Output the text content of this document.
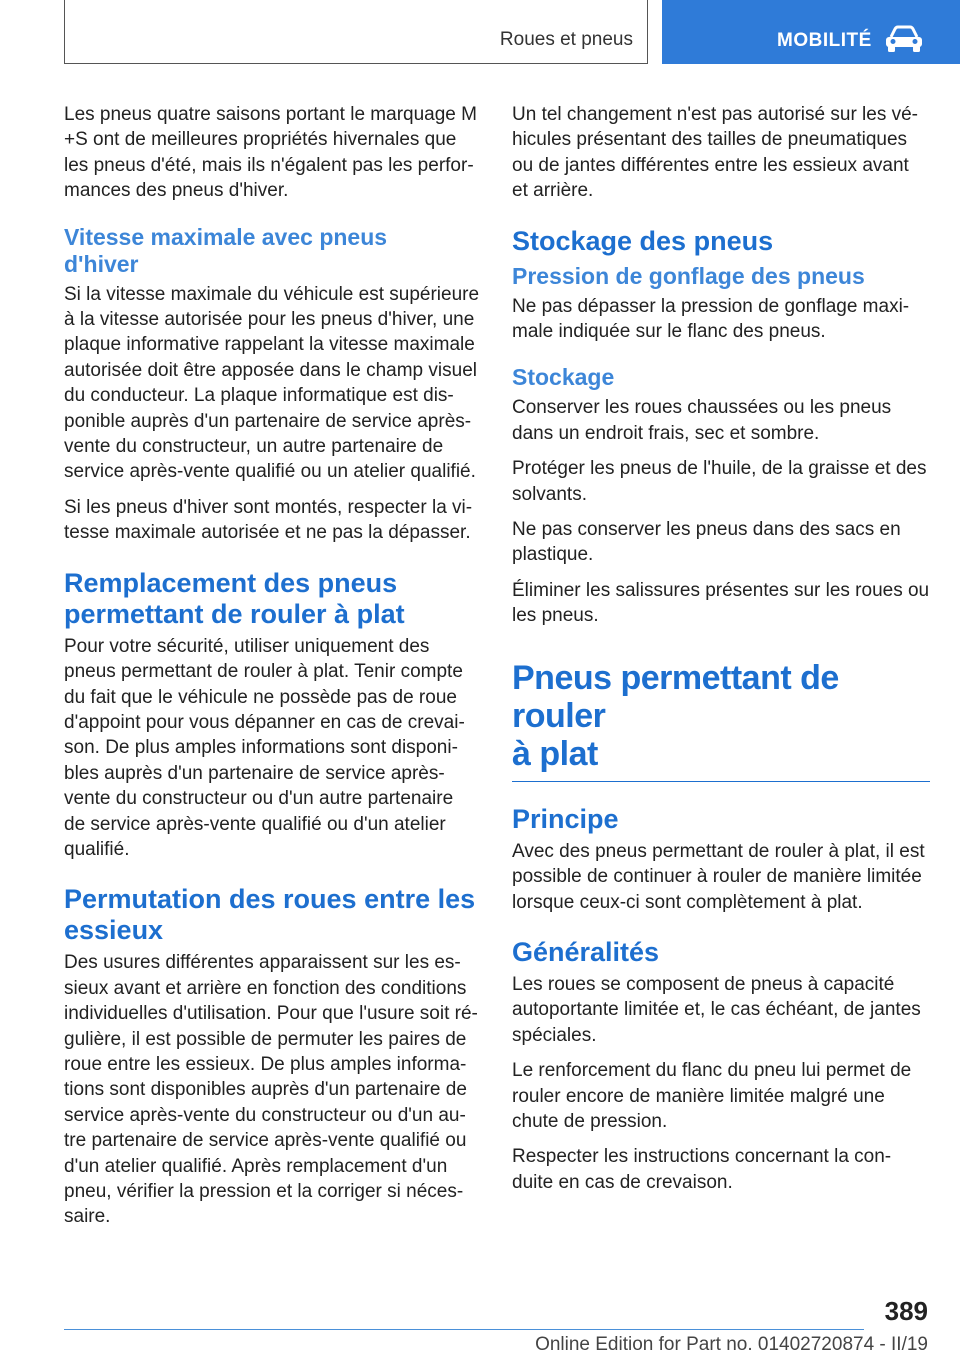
Roues et pneus	MOBILITÉ

Les pneus quatre saisons portant le marquage M
+S ont de meilleures propriétés hivernales que
les pneus d'été, mais ils n'égalent pas les perfor-
mances des pneus d'hiver.

Vitesse maximale avec pneus
d'hiver

Si la vitesse maximale du véhicule est supérieure
à la vitesse autorisée pour les pneus d'hiver, une
plaque informative rappelant la vitesse maximale
autorisée doit être apposée dans le champ visuel
du conducteur. La plaque informatique est dis-
ponible auprès d'un partenaire de service après-
vente du constructeur, un autre partenaire de
service après-vente qualifié ou un atelier qualifié.

Si les pneus d'hiver sont montés, respecter la vi-
tesse maximale autorisée et ne pas la dépasser.

Remplacement des pneus
permettant de rouler à plat

Pour votre sécurité, utiliser uniquement des
pneus permettant de rouler à plat. Tenir compte
du fait que le véhicule ne possède pas de roue
d'appoint pour vous dépanner en cas de crevai-
son. De plus amples informations sont disponi-
bles auprès d'un partenaire de service après-
vente du constructeur ou d'un autre partenaire
de service après-vente qualifié ou d'un atelier
qualifié.

Permutation des roues entre les
essieux

Des usures différentes apparaissent sur les es-
sieux avant et arrière en fonction des conditions
individuelles d'utilisation. Pour que l'usure soit ré-
gulière, il est possible de permuter les paires de
roue entre les essieux. De plus amples informa-
tions sont disponibles auprès d'un partenaire de
service après-vente du constructeur ou d'un au-
tre partenaire de service après-vente qualifié ou
d'un atelier qualifié. Après remplacement d'un
pneu, vérifier la pression et la corriger si néces-
saire.

Un tel changement n'est pas autorisé sur les vé-
hicules présentant des tailles de pneumatiques
ou de jantes différentes entre les essieux avant
et arrière.

Stockage des pneus
Pression de gonflage des pneus

Ne pas dépasser la pression de gonflage maxi-
male indiquée sur le flanc des pneus.

Stockage

Conserver les roues chaussées ou les pneus
dans un endroit frais, sec et sombre.

Protéger les pneus de l'huile, de la graisse et des
solvants.

Ne pas conserver les pneus dans des sacs en
plastique.

Éliminer les salissures présentes sur les roues ou
les pneus.

Pneus permettant de rouler
à plat
Principe

Avec des pneus permettant de rouler à plat, il est
possible de continuer à rouler de manière limitée
lorsque ceux-ci sont complètement à plat.

Généralités

Les roues se composent de pneus à capacité
autoportante limitée et, le cas échéant, de jantes
spéciales.

Le renforcement du flanc du pneu lui permet de
rouler encore de manière limitée malgré une
chute de pression.

Respecter les instructions concernant la con-
duite en cas de crevaison.

389
Online Edition for Part no. 01402720874 - II/19
